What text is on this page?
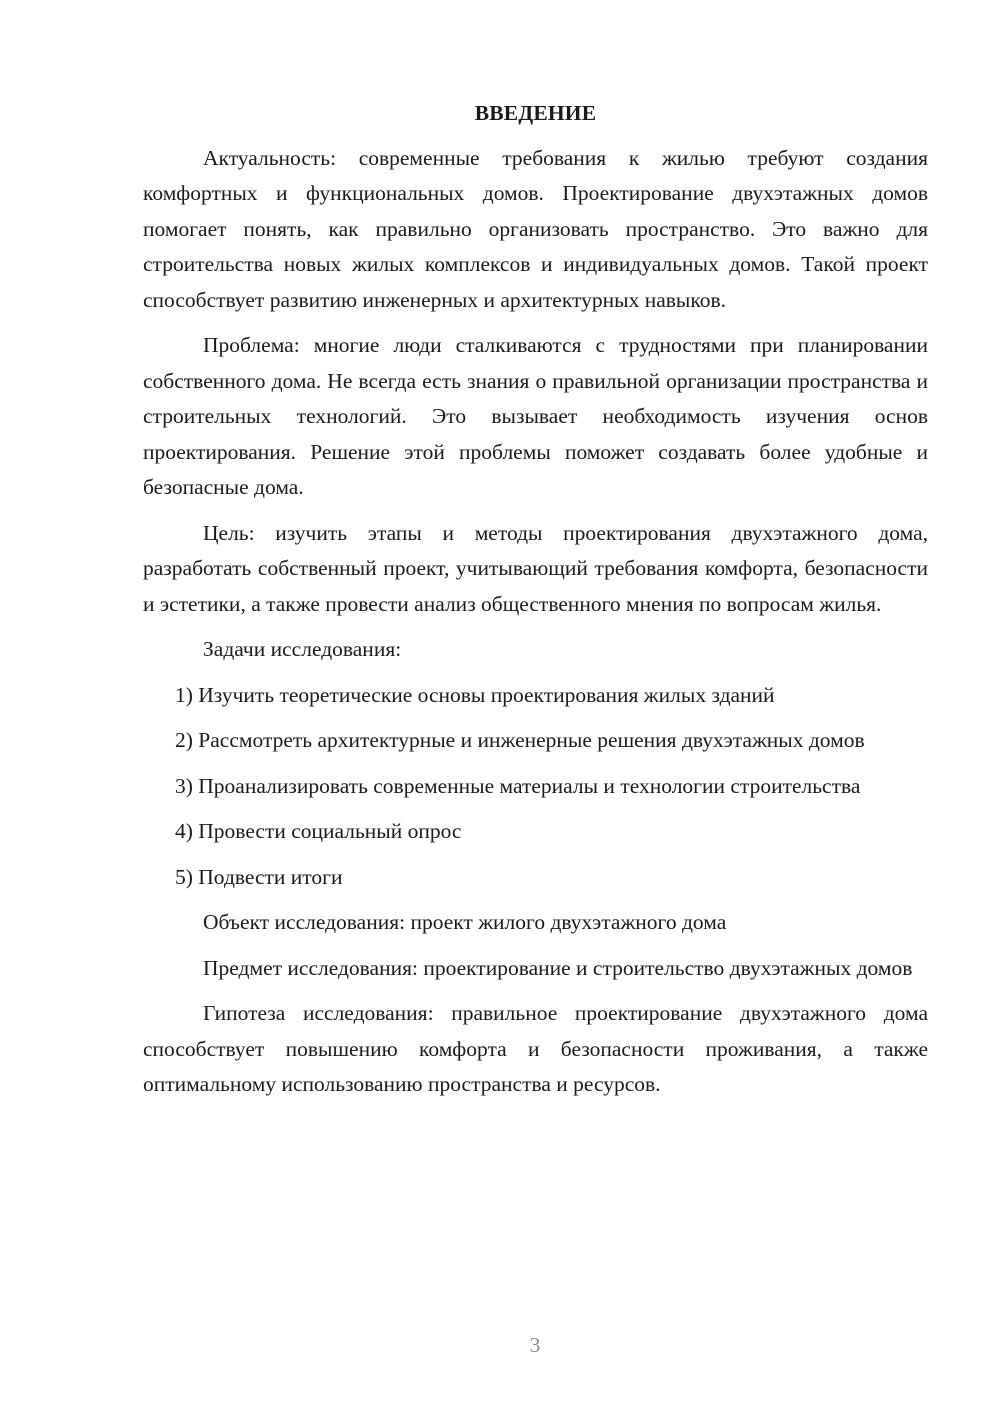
ВВЕДЕНИЕ

Актуальность: современные требования к жилью требуют создания комфортных и функциональных домов. Проектирование двухэтажных домов помогает понять, как правильно организовать пространство. Это важно для строительства новых жилых комплексов и индивидуальных домов. Такой проект способствует развитию инженерных и архитектурных навыков.

Проблема: многие люди сталкиваются с трудностями при планировании собственного дома. Не всегда есть знания о правильной организации пространства и строительных технологий. Это вызывает необходимость изучения основ проектирования. Решение этой проблемы поможет создавать более удобные и безопасные дома.

Цель: изучить этапы и методы проектирования двухэтажного дома, разработать собственный проект, учитывающий требования комфорта, безопасности и эстетики, а также провести анализ общественного мнения по вопросам жилья.

Задачи исследования:

1) Изучить теоретические основы проектирования жилых зданий

2) Рассмотреть архитектурные и инженерные решения двухэтажных домов

3) Проанализировать современные материалы и технологии строительства

4) Провести социальный опрос

5) Подвести итоги

Объект исследования: проект жилого двухэтажного дома

Предмет исследования: проектирование и строительство двухэтажных домов

Гипотеза исследования: правильное проектирование двухэтажного дома способствует повышению комфорта и безопасности проживания, а также оптимальному использованию пространства и ресурсов.

3
